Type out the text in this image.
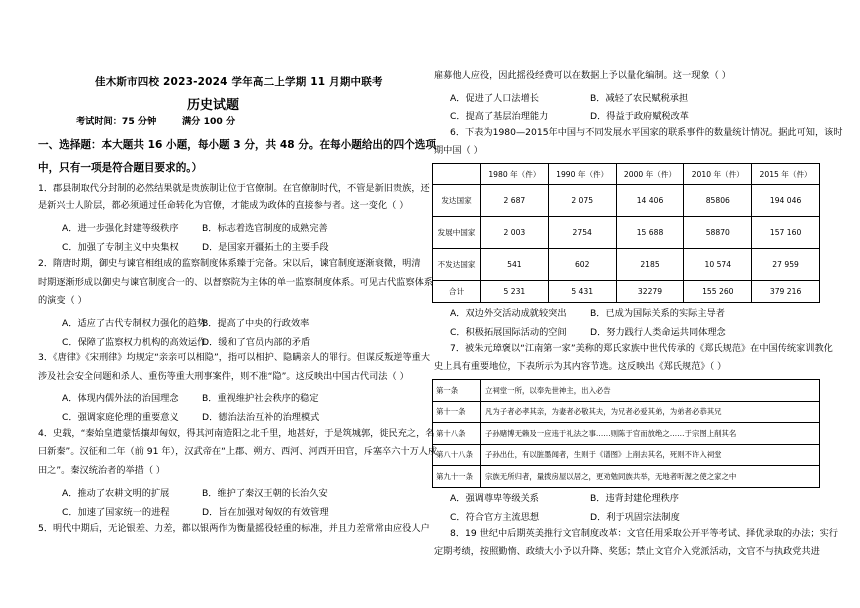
佳木斯市四校 2023-2024 学年高二上学期 11 月期中联考
历史试题
考试时间：75 分钟	满分 100 分
一、选择题：本大题共 16 小题，每小题 3 分，共 48 分。在每小题给出的四个选项
中，只有一项是符合题目要求的。）
1．郡县制取代分封制的必然结果就是贵族制让位于官僚制。在官僚制时代，不管是新旧贵族，还
是新兴士人阶层，都必须通过任命转化为官僚，才能成为政体的直接参与者。这一变化（ ）
A．进一步强化封建等级秩序	B．标志着选官制度的成熟完善
C．加强了专制主义中央集权	D．是国家开疆拓土的主要手段
2．隋唐时期，御史与谏官相组成的监察制度体系臻于完备。宋以后，谏官制度逐渐衰微，明清
时期逐渐形成以御史与谏官制度合一的、以督察院为主体的单一监察制度体系。可见古代监察体系
的演变（ ）
A．适应了古代专制权力强化的趋势
B．提高了中央的行政效率
C．保障了监察权力机构的高效运作
D．缓和了官员内部的矛盾
3．《唐律》《宋刑律》均规定“亲亲可以相隐”，指可以相护、隐瞒亲人的罪行。但谋反叛逆等重大
涉及社会安全问题和杀人、重伤等重大刑事案件，则不准“隐”。这反映出中国古代司法（ ）
A．体现内儒外法的治国理念	B．重视维护社会秩序的稳定
C．强调家庭伦理的重要意义	D．德治法治互补的治理模式
4．史载，“秦始皇遣蒙恬攘却匈奴，得其河南造阳之北千里，地甚好，于是筑城郭，徙民充之，名
曰新秦”。汉征和二年（前 91 年），汉武帝在“上郡、朔方、西河、河西开田官，斥塞卒六十万人戍
田之”。秦汉统治者的举措（ ）
A．推动了农耕文明的扩展	B．维护了秦汉王朝的长治久安
C．加速了国家统一的进程	D．旨在加强对匈奴的有效管理
5．明代中期后，无论银差、力差，都以银两作为衡量摇役轻重的标准，并且力差常常由应役人户
雇募他人应役，因此摇役经费可以在数据上予以量化编制。这一现象（ ）
A．促进了人口法增长	B．减轻了农民赋税承担
C．提高了基层治理能力	D．得益于政府赋税改革
6．下表为1980—2015年中国与不同发展水平国家的联系事件的数量统计情况。据此可知，该时
期中国（ ）
	1980 年（件）	1990 年（件）	2000 年（件）	2010 年（件）	2015 年（件）
发达国家	2 687	2 075	14 406	85806	194 046
发展中国家	2 003	2754	15 688	58870	157 160
不发达国家	541	602	2185	10 574	27 959
合计	5 231	5 431	32279	155 260	379 216
A．双边外交活动成就较突出	B．已成为国际关系的实际主导者
C．积极拓展国际活动的空间	D．努力践行人类命运共同体理念
7．被朱元璋褒以“江南第一家”美称的郑氏家族中世代传承的《郑氏规范》在中国传统家训教化
史上具有重要地位，下表所示为其内容节选。这反映出《郑氏规范》（ ）
第一条	立祠堂一所，以奉先世神主，出入必告
第十一条	凡为子者必孝其亲，为妻者必敬其夫，为兄者必爱其弟，为弟者必恭其兄
第十八条	子孙赌博无赖及一应违于礼法之事……则陈于官而放绝之……于宗图上削其名
第八十八条	子孙出仕，有以脏墨闻者，生则于《谱图》上削去其名，死则不许入祠堂
第九十一条	宗族无所归者，量拨房屋以居之，更劝勉同族共举，无地者听渥之使之家之中
A．强调尊卑等级关系	B．违背封建伦理秩序
C．符合官方主流思想	D．利于巩固宗法制度
8．19 世纪中后期英美推行文官制度改革：文官任用采取公开平等考试、择优录取的办法；实行
定期考绩，按照勤惰、政绩大小予以升降、奖惩；禁止文官介入党派活动，文官不与执政党共进
